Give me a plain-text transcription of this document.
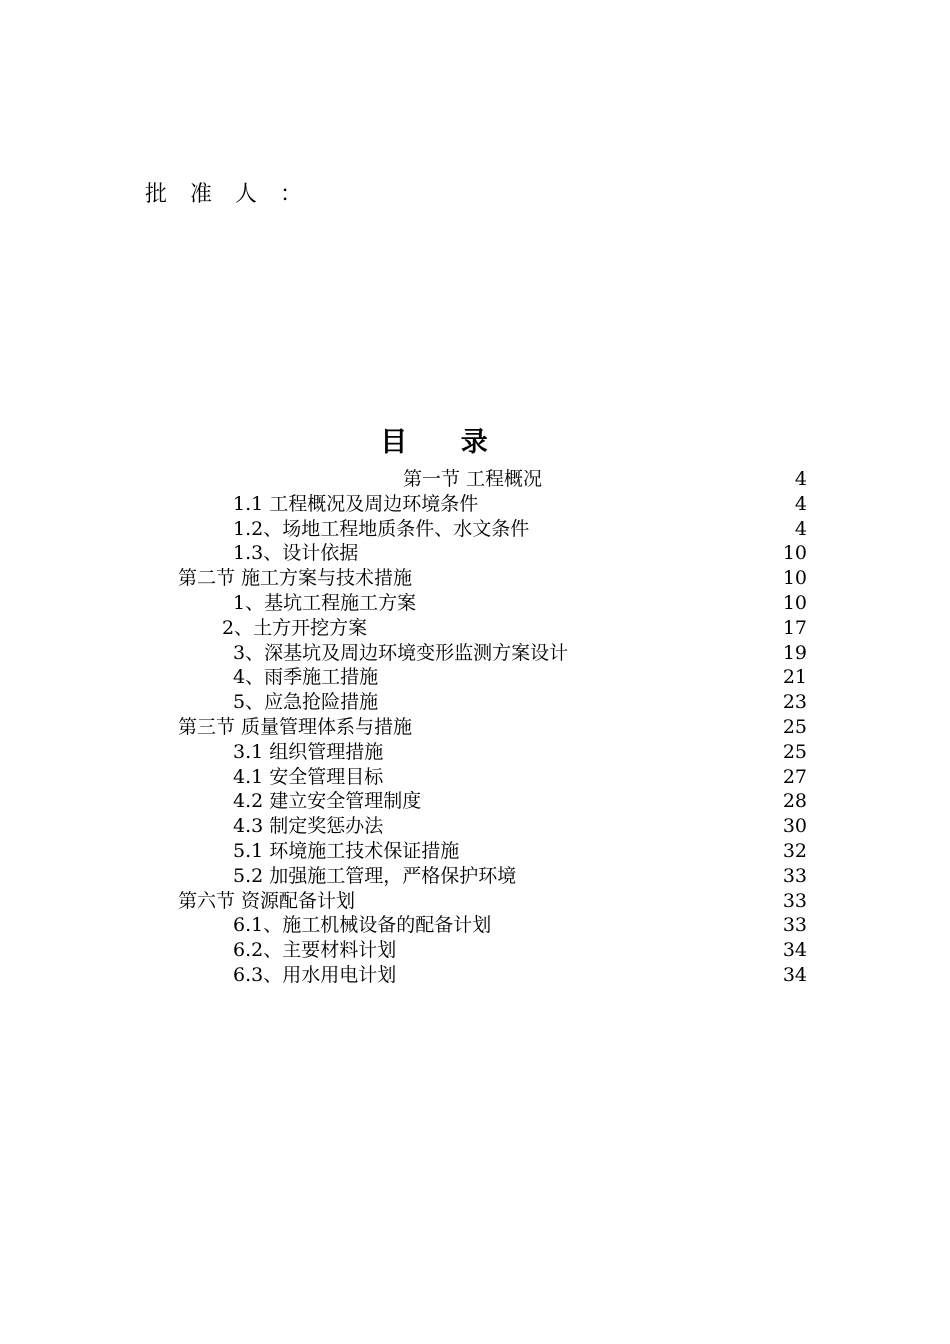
批 准 人 ：
目 录
第一节 工程概况	4
1.1 工程概况及周边环境条件	4
1.2、场地工程地质条件、水文条件	4
1.3、设计依据	10
第二节 施工方案与技术措施	10
1、基坑工程施工方案	10
2、土方开挖方案	17
3、深基坑及周边环境变形监测方案设计	19
4、雨季施工措施	21
5、应急抢险措施	23
第三节 质量管理体系与措施	25
3.1 组织管理措施	25
4.1 安全管理目标	27
4.2 建立安全管理制度	28
4.3 制定奖惩办法	30
5.1 环境施工技术保证措施	32
5.2 加强施工管理，严格保护环境	33
第六节 资源配备计划	33
6.1、施工机械设备的配备计划	33
6.2、主要材料计划	34
6.3、用水用电计划	34
